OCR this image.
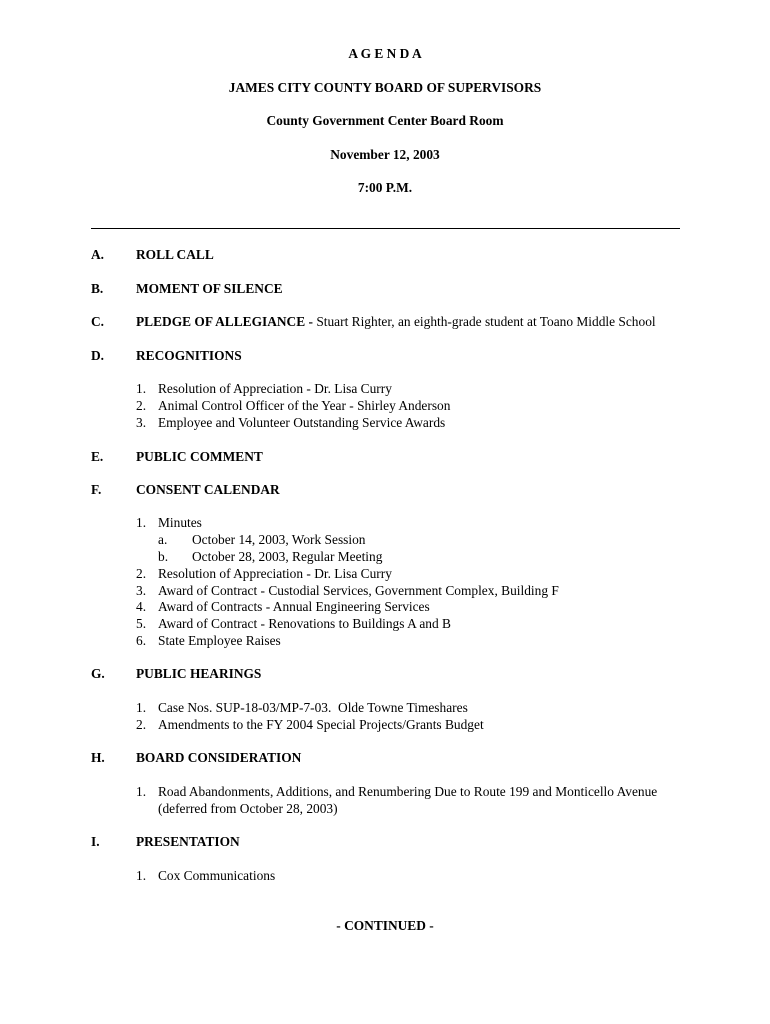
A G E N D A
JAMES CITY COUNTY BOARD OF SUPERVISORS
County Government Center Board Room
November 12, 2003
7:00 P.M.
A. ROLL CALL
B. MOMENT OF SILENCE
C. PLEDGE OF ALLEGIANCE - Stuart Righter, an eighth-grade student at Toano Middle School
D. RECOGNITIONS
1. Resolution of Appreciation - Dr. Lisa Curry
2. Animal Control Officer of the Year - Shirley Anderson
3. Employee and Volunteer Outstanding Service Awards
E. PUBLIC COMMENT
F.	CONSENT CALENDAR
1. Minutes
a. October 14, 2003, Work Session
b. October 28, 2003, Regular Meeting
2. Resolution of Appreciation - Dr. Lisa Curry
3. Award of Contract - Custodial Services, Government Complex, Building F
4. Award of Contracts - Annual Engineering Services
5. Award of Contract - Renovations to Buildings A and B
6. State Employee Raises
G. PUBLIC HEARINGS
1. Case Nos. SUP-18-03/MP-7-03.  Olde Towne Timeshares
2. Amendments to the FY 2004 Special Projects/Grants Budget
H. BOARD CONSIDERATION
1. Road Abandonments, Additions, and Renumbering Due to Route 199 and Monticello Avenue
(deferred from October 28, 2003)
I.	PRESENTATION
1. Cox Communications
- CONTINUED -
